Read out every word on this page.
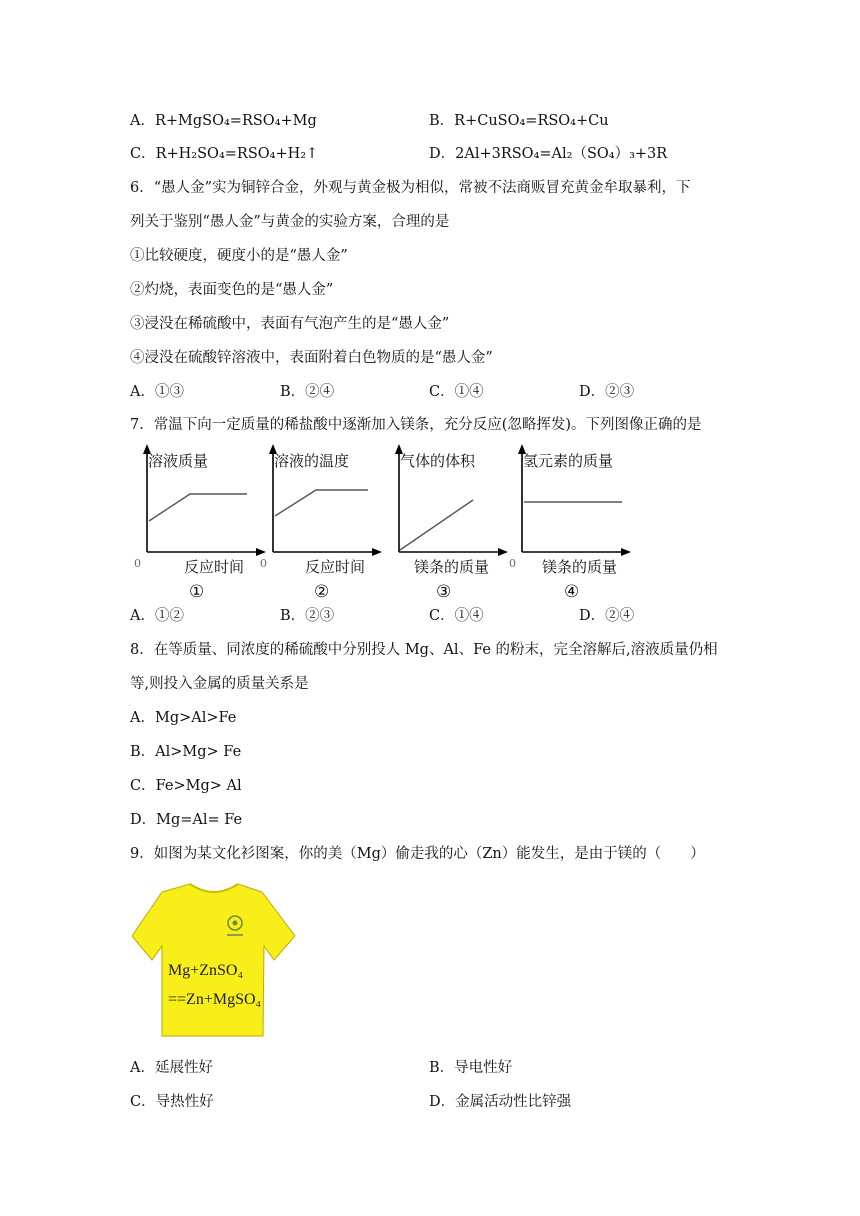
A．R+MgSO₄=RSO₄+Mg	B．R+CuSO₄=RSO₄+Cu
C．R+H₂SO₄=RSO₄+H₂↑	D．2Al+3RSO₄=Al₂（SO₄）₃+3R
6．“愚人金”实为铜锌合金，外观与黄金极为相似，常被不法商贩冒充黄金牟取暴利，下
列关于鉴别“愚人金”与黄金的实验方案，合理的是
①比较硬度，硬度小的是“愚人金”
②灼烧，表面变色的是“愚人金”
③浸没在稀硫酸中，表面有气泡产生的是“愚人金”
④浸没在硫酸锌溶液中，表面附着白色物质的是“愚人金”
A．①③	B．②④	C．①④	D．②③
7．常温下向一定质量的稀盐酸中逐渐加入镁条，充分反应(忽略挥发)。下列图像正确的是
溶液质量
反应时间
0
①
溶液的温度
反应时间
0
②
气体的体积
镁条的质量
③
氢元素的质量
镁条的质量
0
④
A．①②	B．②③	C．①④	D．②④
8．在等质量、同浓度的稀硫酸中分别投人 Mg、Al、Fe 的粉末，完全溶解后,溶液质量仍相
等,则投入金属的质量关系是
A．Mg>Al>Fe
B．Al>Mg> Fe
C．Fe>Mg> Al
D．Mg=Al= Fe
9．如图为某文化衫图案，你的美（Mg）偷走我的心（Zn）能发生，是由于镁的（　　）
Mg+ZnSO₄
==Zn+MgSO₄
A．延展性好	B．导电性好
C．导热性好	D．金属活动性比锌强
